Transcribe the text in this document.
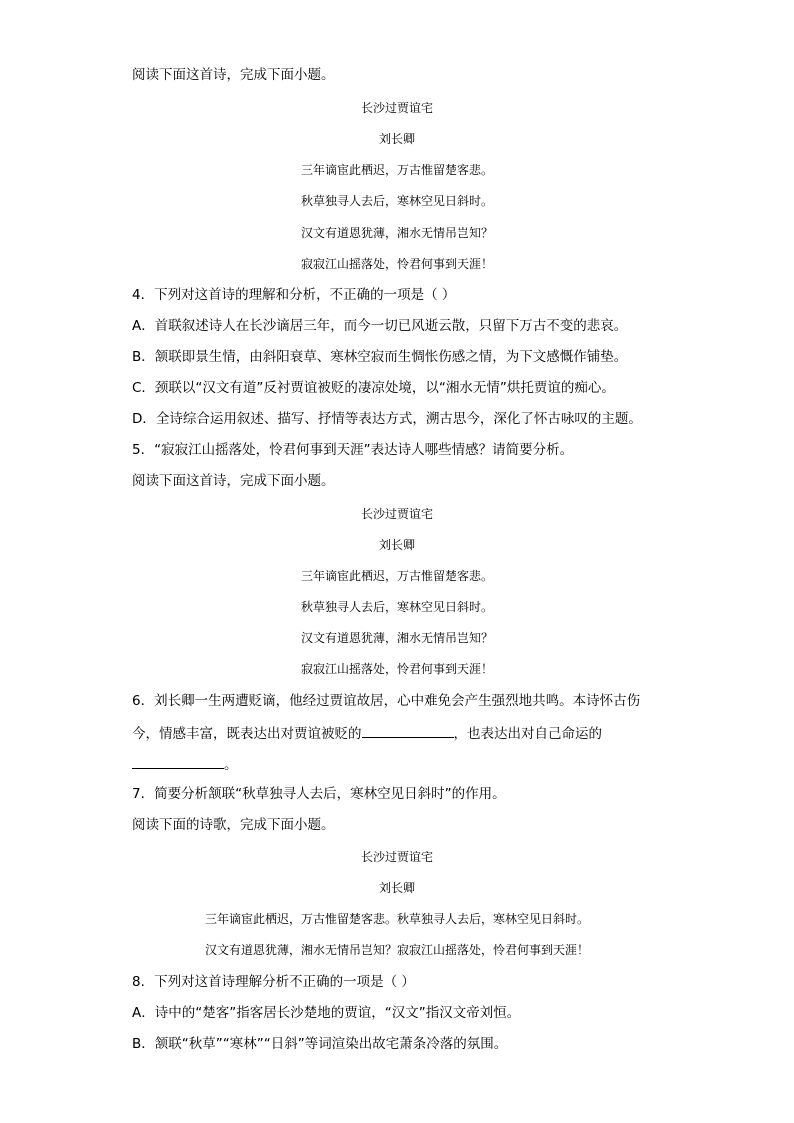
阅读下面这首诗，完成下面小题。
长沙过贾谊宅
刘长卿
三年谪宦此栖迟，万古惟留楚客悲。
秋草独寻人去后，寒林空见日斜时。
汉文有道恩犹薄，湘水无情吊岂知？
寂寂江山摇落处，怜君何事到天涯！
4．下列对这首诗的理解和分析，不正确的一项是（ ）
A．首联叙述诗人在长沙谪居三年，而今一切已风逝云散，只留下万古不变的悲哀。
B．颔联即景生情，由斜阳衰草、寒林空寂而生惆怅伤感之情，为下文感慨作铺垫。
C．颈联以“汉文有道”反衬贾谊被贬的凄凉处境，以“湘水无情”烘托贾谊的痴心。
D．全诗综合运用叙述、描写、抒情等表达方式，溯古思今，深化了怀古咏叹的主题。
5．“寂寂江山摇落处，怜君何事到天涯”表达诗人哪些情感？请简要分析。
阅读下面这首诗，完成下面小题。
长沙过贾谊宅
刘长卿
三年谪宦此栖迟，万古惟留楚客悲。
秋草独寻人去后，寒林空见日斜时。
汉文有道恩犹薄，湘水无情吊岂知？
寂寂江山摇落处，怜君何事到天涯！
6．刘长卿一生两遭贬谪，他经过贾谊故居，心中难免会产生强烈地共鸣。本诗怀古伤
今，情感丰富，既表达出对贾谊被贬的	，也表达出对自己命运的
。
7．简要分析颔联“秋草独寻人去后，寒林空见日斜时”的作用。
阅读下面的诗歌，完成下面小题。
长沙过贾谊宅
刘长卿
三年谪宦此栖迟，万古惟留楚客悲。秋草独寻人去后，寒林空见日斜时。
汉文有道恩犹薄，湘水无情吊岂知？寂寂江山摇落处，怜君何事到天涯！
8．下列对这首诗理解分析不正确的一项是（ ）
A．诗中的“楚客”指客居长沙楚地的贾谊，“汉文”指汉文帝刘恒。
B．颔联“秋草”“寒林”“日斜”等词渲染出故宅萧条冷落的氛围。
